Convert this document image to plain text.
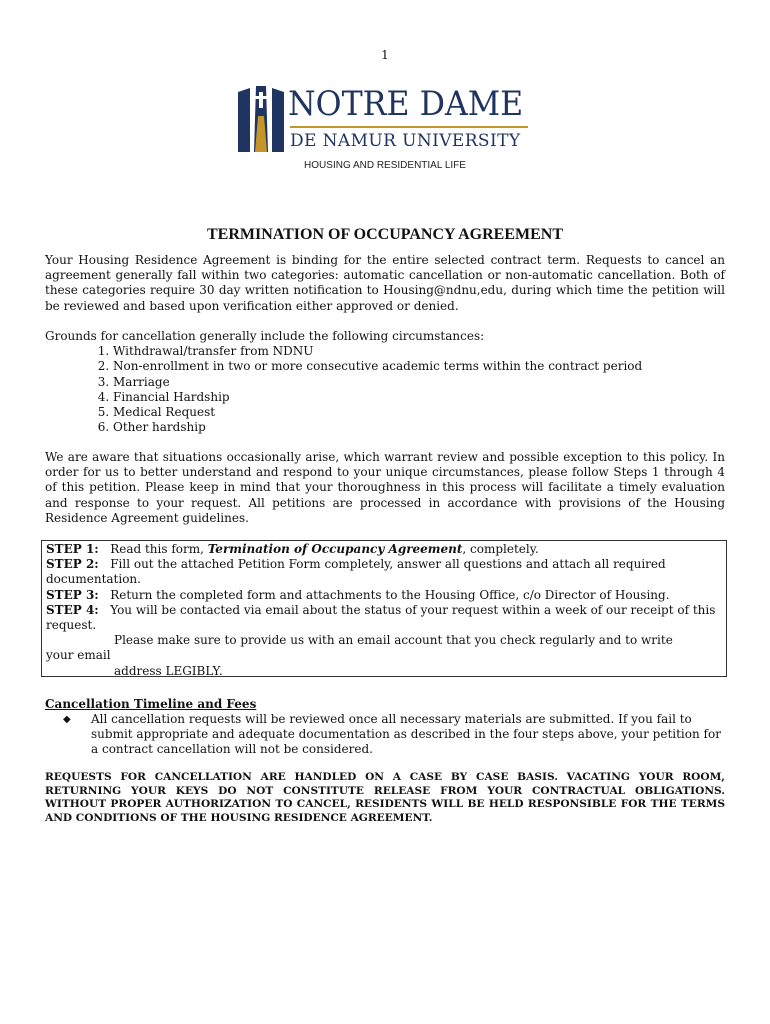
1
NOTRE DAME
DE NAMUR UNIVERSITY
HOUSING AND RESIDENTIAL LIFE
TERMINATION OF OCCUPANCY AGREEMENT
Your Housing Residence Agreement is binding for the entire selected contract term. Requests to cancel an agreement generally fall within two categories: automatic cancellation or non-automatic cancellation. Both of these categories require 30 day written notification to Housing@ndnu,edu, during which time the petition will be reviewed and based upon verification either approved or denied.
Grounds for cancellation generally include the following circumstances:
1. Withdrawal/transfer from NDNU
2. Non-enrollment in two or more consecutive academic terms within the contract period
3. Marriage
4. Financial Hardship
5. Medical Request
6. Other hardship
We are aware that situations occasionally arise, which warrant review and possible exception to this policy. In order for us to better understand and respond to your unique circumstances, please follow Steps 1 through 4 of this petition. Please keep in mind that your thoroughness in this process will facilitate a timely evaluation and response to your request. All petitions are processed in accordance with provisions of the Housing Residence Agreement guidelines.

STEP 1: Read this form, Termination of Occupancy Agreement, completely.

STEP 2: Fill out the attached Petition Form completely, answer all questions and attach all required documentation.

STEP 3: Return the completed form and attachments to the Housing Office, c/o Director of Housing.

STEP 4: You will be contacted via email about the status of your request within a week of our receipt of this request.

Please make sure to provide us with an email account that you check regularly and to write

your email

address LEGIBLY.

Cancellation Timeline and Fees
◆ All cancellation requests will be reviewed once all necessary materials are submitted. If you fail to submit appropriate and adequate documentation as described in the four steps above, your petition for a contract cancellation will not be considered.
REQUESTS FOR CANCELLATION ARE HANDLED ON A CASE BY CASE BASIS. VACATING YOUR ROOM, RETURNING YOUR KEYS DO NOT CONSTITUTE RELEASE FROM YOUR CONTRACTUAL OBLIGATIONS. WITHOUT PROPER AUTHORIZATION TO CANCEL, RESIDENTS WILL BE HELD RESPONSIBLE FOR THE TERMS AND CONDITIONS OF THE HOUSING RESIDENCE AGREEMENT.
